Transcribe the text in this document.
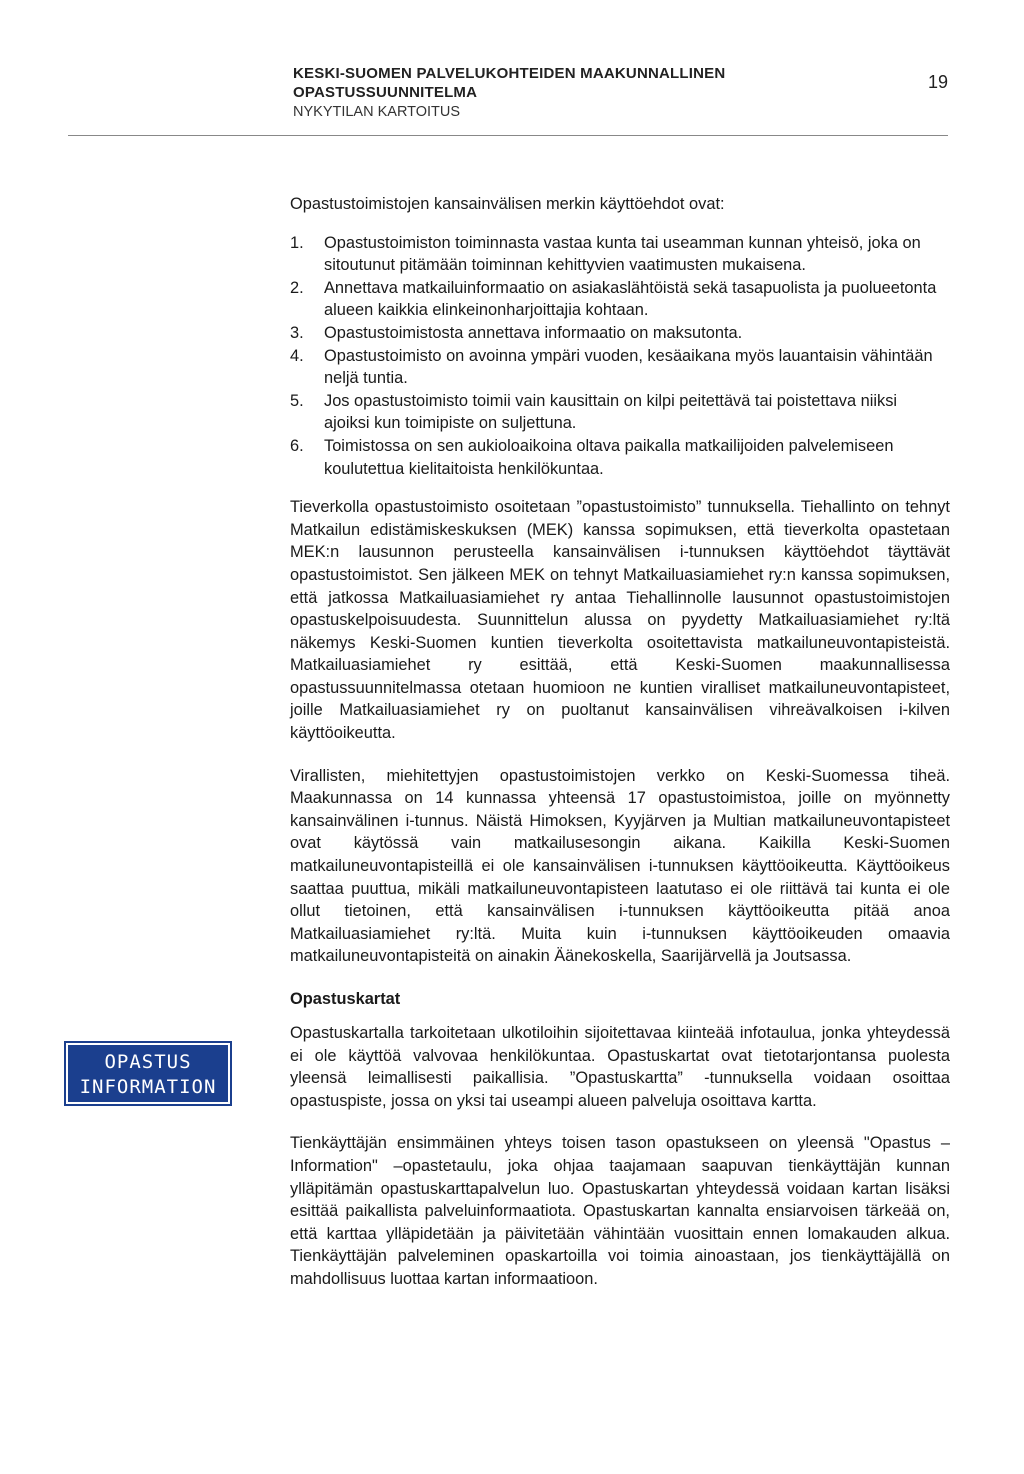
KESKI-SUOMEN PALVELUKOHTEIDEN MAAKUNNALLINEN
OPASTUSSUUNNITELMA
NYKYTILAN KARTOITUS
19
OPASTUS
INFORMATION

Opastustoimistojen kansainvälisen merkin käyttöehdot ovat:

1.	Opastustoimiston toiminnasta vastaa kunta tai useamman kunnan yhteisö, joka on sitoutunut pitämään toiminnan kehittyvien vaatimusten mukaisena.
2.	Annettava matkailuinformaatio on asiakaslähtöistä sekä tasapuolista ja puolueetonta alueen kaikkia elinkeinonharjoittajia kohtaan.
3.	Opastustoimistosta annettava informaatio on maksutonta.
4.	Opastustoimisto on avoinna ympäri vuoden, kesäaikana myös lauantaisin vähintään neljä tuntia.
5.	Jos opastustoimisto toimii vain kausittain on kilpi peitettävä tai poistettava niiksi ajoiksi kun toimipiste on suljettuna.
6.	Toimistossa on sen aukioloaikoina oltava paikalla matkailijoiden palvelemiseen koulutettua kielitaitoista henkilökuntaa.

Tieverkolla opastustoimisto osoitetaan ”opastustoimisto” tunnuksella. Tiehallinto on tehnyt Matkailun edistämiskeskuksen (MEK) kanssa sopimuksen, että tieverkolta opastetaan MEK:n lausunnon perusteella kansainvälisen i-tunnuksen käyttöehdot täyttävät opastustoimistot. Sen jälkeen MEK on tehnyt Matkailuasiamiehet ry:n kanssa sopimuksen, että jatkossa Matkailuasiamiehet ry antaa Tiehallinnolle lausunnot opastustoimistojen opastuskelpoisuudesta. Suunnittelun alussa on pyydetty Matkailuasiamiehet ry:ltä näkemys Keski-Suomen kuntien tieverkolta osoitettavista matkailuneuvontapisteistä. Matkailuasiamiehet ry esittää, että Keski-Suomen maakunnallisessa opastussuunnitelmassa otetaan huomioon ne kuntien viralliset matkailuneuvontapisteet, joille Matkailuasiamiehet ry on puoltanut kansainvälisen vihreävalkoisen i-kilven käyttöoikeutta.

Virallisten, miehitettyjen opastustoimistojen verkko on Keski-Suomessa tiheä. Maakunnassa on 14 kunnassa yhteensä 17 opastustoimistoa, joille on myönnetty kansainvälinen i-tunnus. Näistä Himoksen, Kyyjärven ja Multian matkailuneuvontapisteet ovat käytössä vain matkailusesongin aikana. Kaikilla Keski-Suomen matkailuneuvontapisteillä ei ole kansainvälisen i-tunnuksen käyttöoikeutta. Käyttöoikeus saattaa puuttua, mikäli matkailuneuvontapisteen laatutaso ei ole riittävä tai kunta ei ole ollut tietoinen, että kansainvälisen i-tunnuksen käyttöoikeutta pitää anoa Matkailuasiamiehet ry:ltä. Muita kuin i-tunnuksen käyttöoikeuden omaavia matkailuneuvontapisteitä on ainakin Äänekoskella, Saarijärvellä ja Joutsassa.

Opastuskartat

Opastuskartalla tarkoitetaan ulkotiloihin sijoitettavaa kiinteää infotaulua, jonka yhteydessä ei ole käyttöä valvovaa henkilökuntaa. Opastuskartat ovat tietotarjontansa puolesta yleensä leimallisesti paikallisia. ”Opastuskartta” -tunnuksella voidaan osoittaa opastuspiste, jossa on yksi tai useampi alueen palveluja osoittava kartta.

Tienkäyttäjän ensimmäinen yhteys toisen tason opastukseen on yleensä "Opastus – Information" –opastetaulu, joka ohjaa taajamaan saapuvan tienkäyttäjän kunnan ylläpitämän opastuskarttapalvelun luo. Opastuskartan yhteydessä voidaan kartan lisäksi esittää paikallista palveluinformaatiota. Opastuskartan kannalta ensiarvoisen tärkeää on, että karttaa ylläpidetään ja päivitetään vähintään vuosittain ennen lomakauden alkua. Tienkäyttäjän palveleminen opaskartoilla voi toimia ainoastaan, jos tienkäyttäjällä on mahdollisuus luottaa kartan informaatioon.
